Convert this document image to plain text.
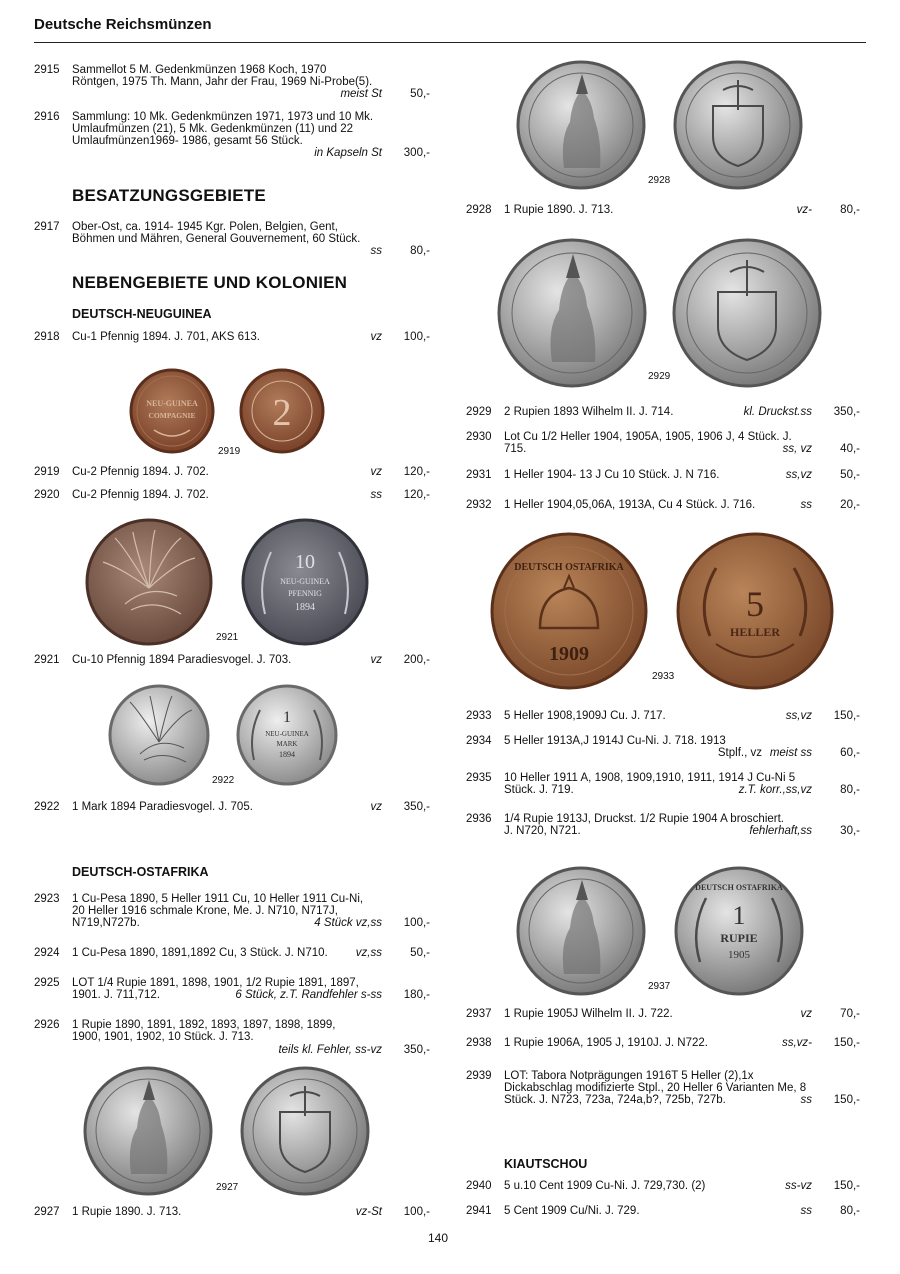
Deutsche Reichsmünzen
2915	Sammellot 5 M. Gedenkmünzen 1968 Koch, 1970
Röntgen, 1975 Th. Mann, Jahr der Frau, 1969 Ni-Probe(5).
meist St 50,-
2916	Sammlung: 10 Mk. Gedenkmünzen 1971, 1973 und 10 Mk.
Umlaufmünzen (21), 5 Mk. Gedenkmünzen (11) und 22
Umlaufmünzen1969- 1986, gesamt 56 Stück.
in Kapseln St 300,-
BESATZUNGSGEBIETE
2917	Ober-Ost, ca. 1914- 1945 Kgr. Polen, Belgien, Gent,
Böhmen und Mähren, General Gouvernement, 60 Stück.
ss 80,-
NEBENGEBIETE UND KOLONIEN
DEUTSCH-NEUGUINEA
2918	Cu-1 Pfennig 1894. J. 701, AKS 613.	vz 100,-
NEU-GUINEA
COMPAGNIE 2
2919
2919	Cu-2 Pfennig 1894. J. 702.	vz 120,-
2920	Cu-2 Pfennig 1894. J. 702.	ss 120,-
10
NEU-GUINEA
PFENNIG
1894
2921
2921	Cu-10 Pfennig 1894 Paradiesvogel. J. 703.	vz 200,-
1
NEU-GUINEA
MARK
1894
2922
2922	1 Mark 1894 Paradiesvogel. J. 705.	vz 350,-
DEUTSCH-OSTAFRIKA
2923	1 Cu-Pesa 1890, 5 Heller 1911 Cu, 10 Heller 1911 Cu-Ni,
20 Heller 1916 schmale Krone, Me. J. N710, N717J,
N719,N727b.	4 Stück vz,ss 100,-
2924	1 Cu-Pesa 1890, 1891,1892 Cu, 3 Stück. J. N710.	vz,ss 50,-
2925	LOT 1/4 Rupie 1891, 1898, 1901, 1/2 Rupie 1891, 1897,
1901. J. 711,712.	6 Stück, z.T. Randfehler s-ss 180,-
2926	1 Rupie 1890, 1891, 1892, 1893, 1897, 1898, 1899,
1900, 1901, 1902, 10 Stück. J. 713.
teils kl. Fehler, ss-vz 350,-
2927
2927	1 Rupie 1890. J. 713.	vz-St 100,-
2928
2928	1 Rupie 1890. J. 713.	vz- 80,-
2929
2929	2 Rupien 1893 Wilhelm II. J. 714.	kl. Druckst.ss 350,-
2930	Lot Cu 1/2 Heller 1904, 1905A, 1905, 1906 J, 4 Stück. J.
715.	ss, vz 40,-
2931	1 Heller 1904- 13 J Cu 10 Stück. J. N 716.	ss,vz 50,-
2932	1 Heller 1904,05,06A, 1913A, Cu 4 Stück. J. 716.	ss 20,-
DEUTSCH OSTAFRIKA
1909
5
HELLER
2933
2933	5 Heller 1908,1909J Cu. J. 717.	ss,vz 150,-
2934	5 Heller 1913A,J 1914J Cu-Ni. J. 718. 1913
Stplf., vz meist ss 60,-
2935	10 Heller 1911 A, 1908, 1909,1910, 1911, 1914 J Cu-Ni 5
Stück. J. 719.	z.T. korr.,ss,vz 80,-
2936	1/4 Rupie 1913J, Druckst. 1/2 Rupie 1904 A broschiert.
J. N720, N721.	fehlerhaft,ss 30,-
DEUTSCH OSTAFRIKA
1
RUPIE
1905
2937
2937	1 Rupie 1905J Wilhelm II. J. 722.	vz 70,-
2938	1 Rupie 1906A, 1905 J, 1910J. J. N722.	ss,vz- 150,-
2939	LOT: Tabora Notprägungen 1916T 5 Heller (2),1x
Dickabschlag modifizierte Stpl., 20 Heller 6 Varianten Me, 8
Stück. J. N723, 723a, 724a,b?, 725b, 727b.	ss 150,-
KIAUTSCHOU
2940	5 u.10 Cent 1909 Cu-Ni. J. 729,730. (2)	ss-vz 150,-
2941	5 Cent 1909 Cu/Ni. J. 729.	ss 80,-
140
